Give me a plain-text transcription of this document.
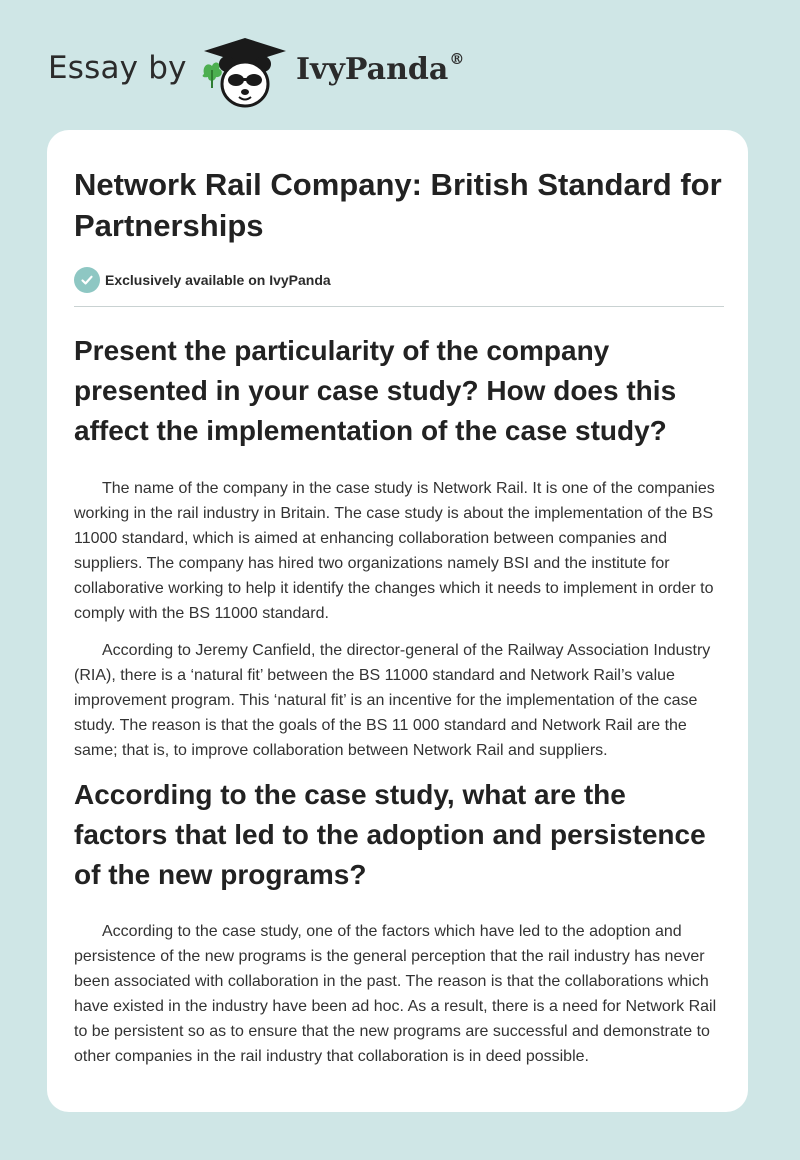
Essay by	IvyPanda®
Network Rail Company: British Standard for Partnerships
Exclusively available on IvyPanda
Present the particularity of the company presented in your case study? How does this affect the implementation of the case study?

The name of the company in the case study is Network Rail. It is one of the companies working in the rail industry in Britain. The case study is about the implementation of the BS 11000 standard, which is aimed at enhancing collaboration between companies and suppliers. The company has hired two organizations namely BSI and the institute for collaborative working to help it identify the changes which it needs to implement in order to comply with the BS 11000 standard.

According to Jeremy Canfield, the director-general of the Railway Association Industry (RIA), there is a ‘natural fit’ between the BS 11000 standard and Network Rail’s value improvement program. This ‘natural fit’ is an incentive for the implementation of the case study. The reason is that the goals of the BS 11 000 standard and Network Rail are the same; that is, to improve collaboration between Network Rail and suppliers.

According to the case study, what are the factors that led to the adoption and persistence of the new programs?

According to the case study, one of the factors which have led to the adoption and persistence of the new programs is the general perception that the rail industry has never been associated with collaboration in the past. The reason is that the collaborations which have existed in the industry have been ad hoc. As a result, there is a need for Network Rail to be persistent so as to ensure that the new programs are successful and demonstrate to other companies in the rail industry that collaboration is in deed possible.
